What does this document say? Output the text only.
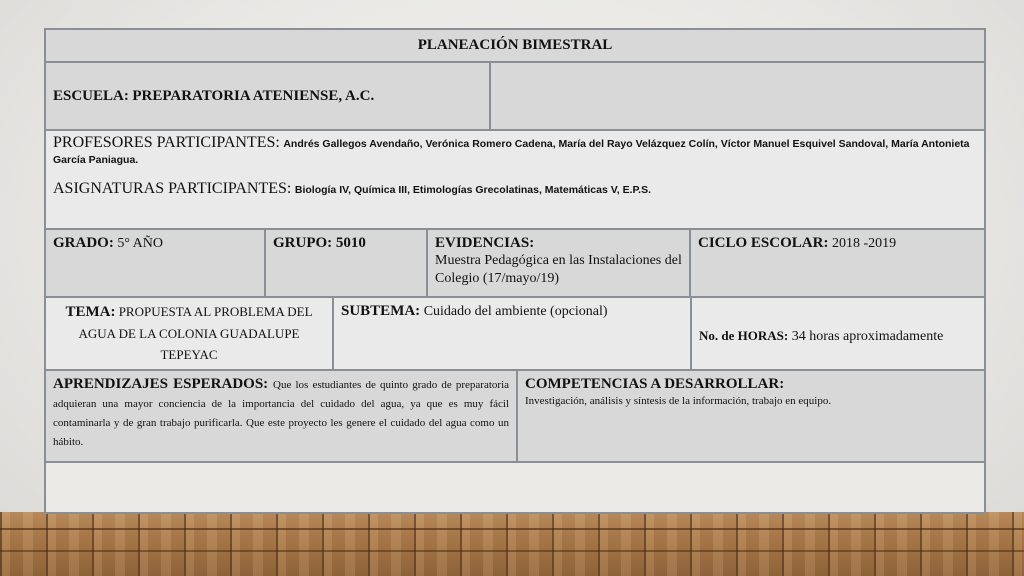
PLANEACIÓN BIMESTRAL
ESCUELA: PREPARATORIA ATENIENSE, A.C.
PROFESORES PARTICIPANTES: Andrés Gallegos Avendaño, Verónica Romero Cadena, María del Rayo Velázquez Colín, Víctor Manuel Esquivel Sandoval, María Antonieta García Paniagua.
ASIGNATURAS PARTICIPANTES: Biología IV, Química III, Etimologías Grecolatinas, Matemáticas V, E.P.S.
GRADO: 5° AÑO	GRUPO: 5010	EVIDENCIAS:
Muestra Pedagógica en las Instalaciones del Colegio (17/mayo/19)
CICLO ESCOLAR: 2018 -2019
TEMA: PROPUESTA AL PROBLEMA DEL AGUA DE LA COLONIA GUADALUPE TEPEYAC
SUBTEMA: Cuidado del ambiente (opcional)
No. de HORAS: 34 horas aproximadamente
APRENDIZAJES ESPERADOS: Que los estudiantes de quinto grado de preparatoria adquieran una mayor conciencia de la importancia del cuidado del agua, ya que es muy fácil contaminarla y de gran trabajo purificarla. Que este proyecto les genere el cuidado del agua como un hábito.
COMPETENCIAS A DESARROLLAR:
Investigación, análisis y síntesis de la información, trabajo en equipo.
